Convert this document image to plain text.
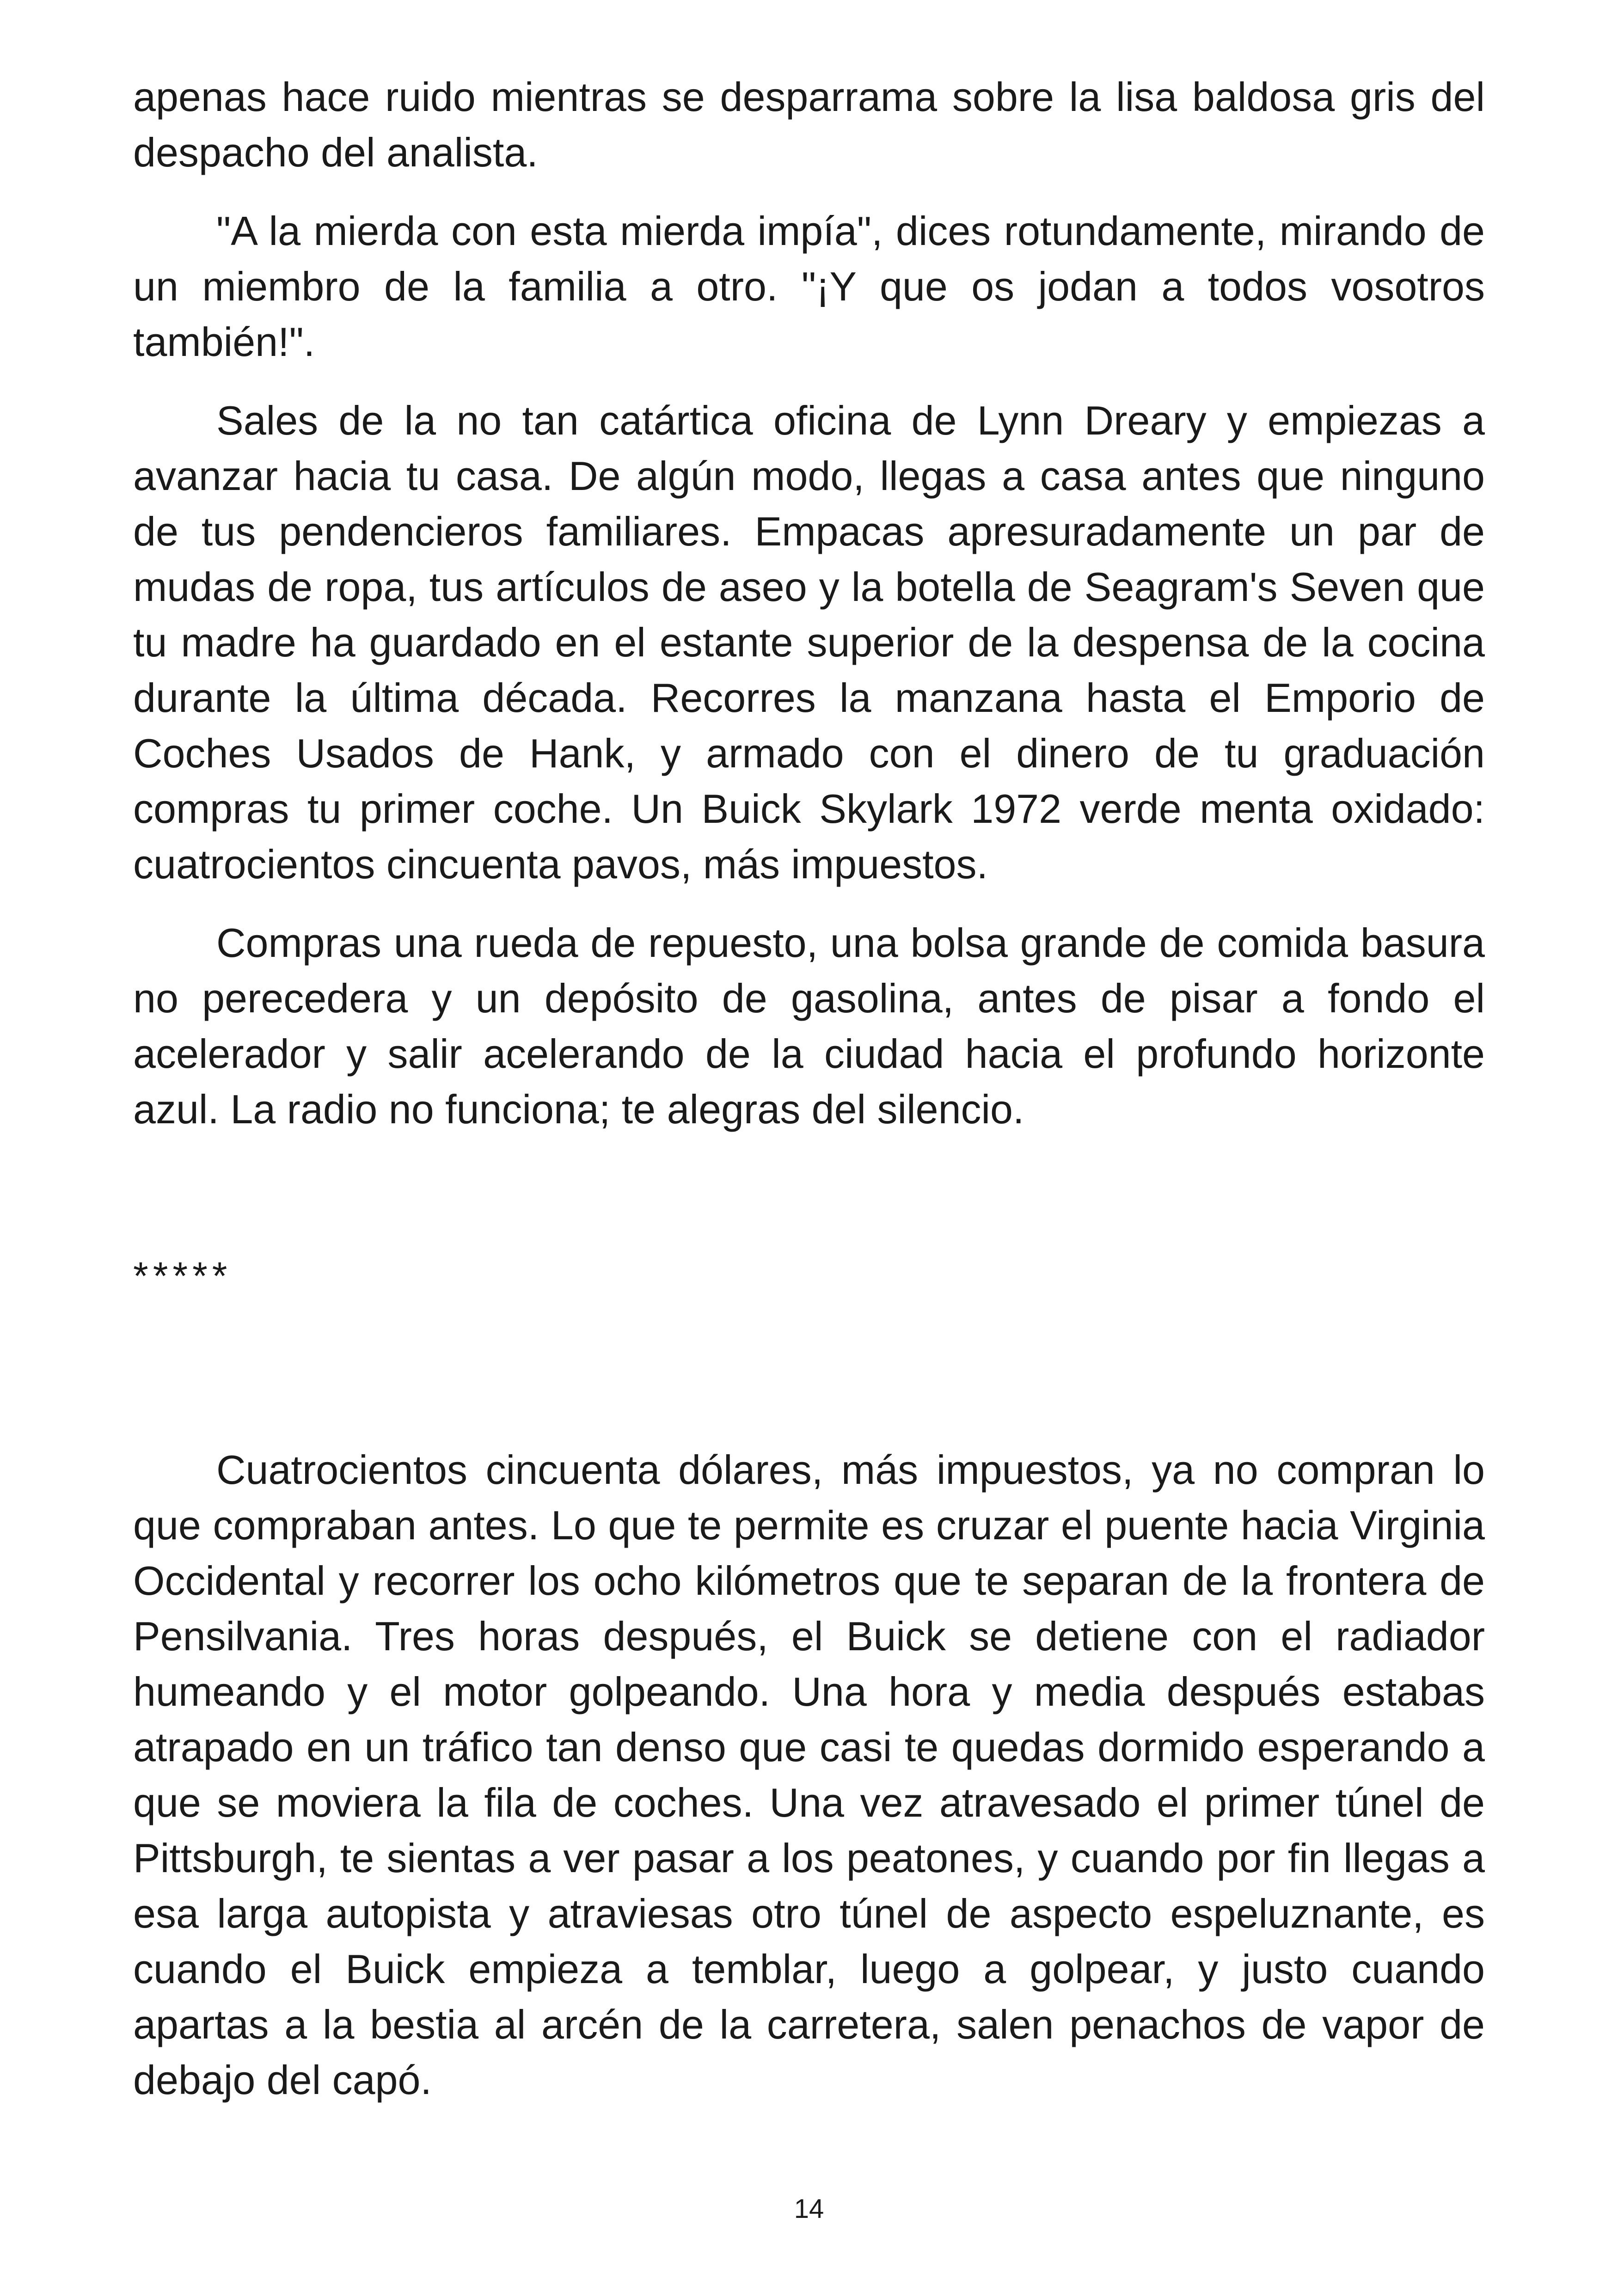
apenas hace ruido mientras se desparrama sobre la lisa baldosa gris del despacho del analista.

"A la mierda con esta mierda impía", dices rotundamente, mirando de un miembro de la familia a otro. "¡Y que os jodan a todos vosotros también!".

Sales de la no tan catártica oficina de Lynn Dreary y empiezas a avanzar hacia tu casa. De algún modo, llegas a casa antes que ninguno de tus pendencieros familiares. Empacas apresuradamente un par de mudas de ropa, tus artículos de aseo y la botella de Seagram's Seven que tu madre ha guardado en el estante superior de la despensa de la cocina durante la última década. Recorres la manzana hasta el Emporio de Coches Usados de Hank, y armado con el dinero de tu graduación compras tu primer coche. Un Buick Skylark 1972 verde menta oxidado: cuatrocientos cincuenta pavos, más impuestos.

Compras una rueda de repuesto, una bolsa grande de comida basura no perecedera y un depósito de gasolina, antes de pisar a fondo el acelerador y salir acelerando de la ciudad hacia el profundo horizonte azul. La radio no funciona; te alegras del silencio.

*****

Cuatrocientos cincuenta dólares, más impuestos, ya no compran lo que compraban antes. Lo que te permite es cruzar el puente hacia Virginia Occidental y recorrer los ocho kilómetros que te separan de la frontera de Pensilvania. Tres horas después, el Buick se detiene con el radiador humeando y el motor golpeando. Una hora y media después estabas atrapado en un tráfico tan denso que casi te quedas dormido esperando a que se moviera la fila de coches. Una vez atravesado el primer túnel de Pittsburgh, te sientas a ver pasar a los peatones, y cuando por fin llegas a esa larga autopista y atraviesas otro túnel de aspecto espeluznante, es cuando el Buick empieza a temblar, luego a golpear, y justo cuando apartas a la bestia al arcén de la carretera, salen penachos de vapor de debajo del capó.

14
